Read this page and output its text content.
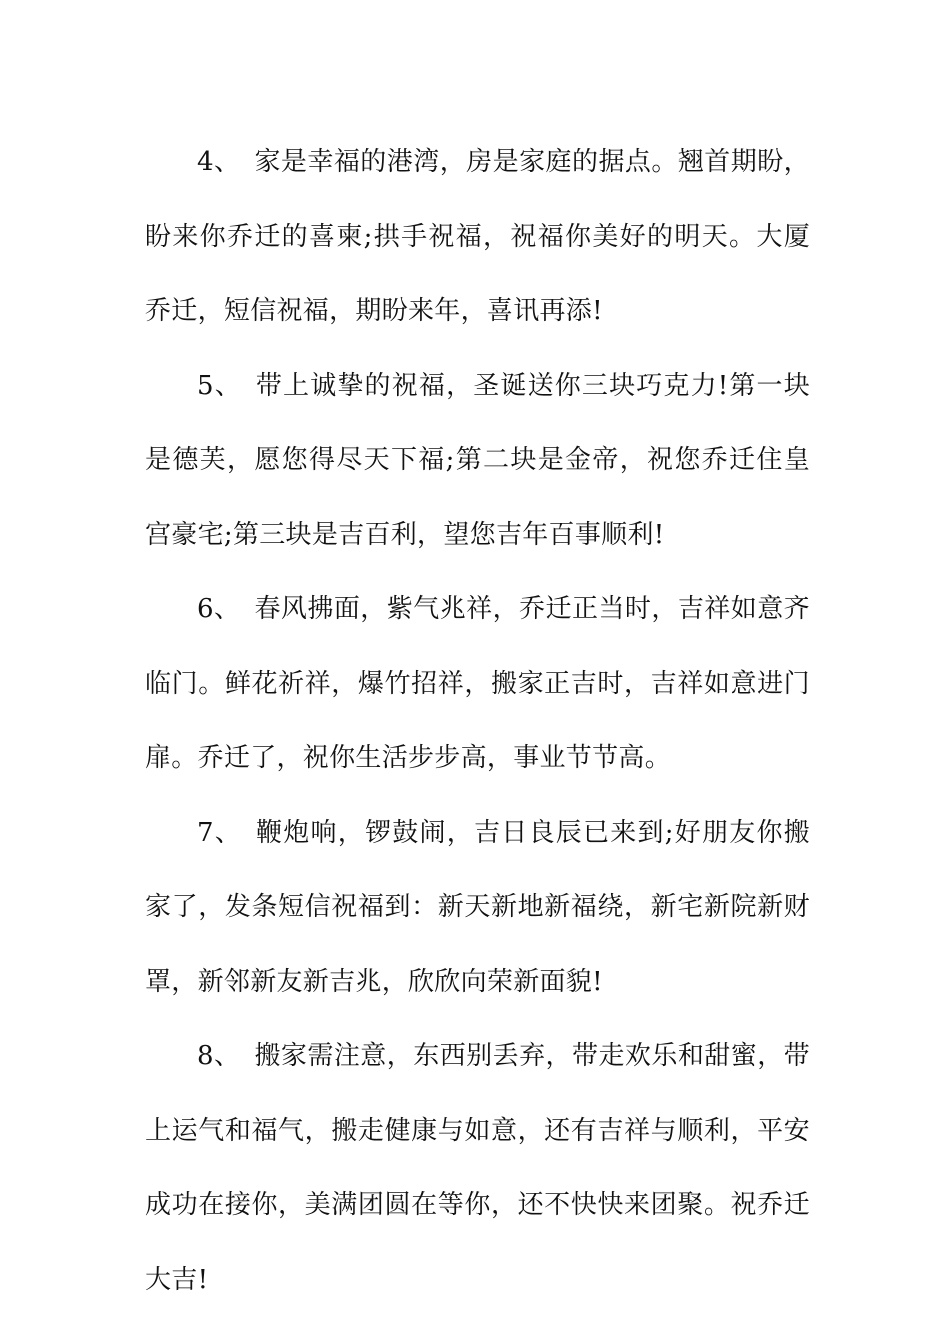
4、 家是幸福的港湾，房是家庭的据点。翘首期盼，盼来你乔迁的喜柬;拱手祝福，祝福你美好的明天。大厦乔迁，短信祝福，期盼来年，喜讯再添!

5、 带上诚挚的祝福，圣诞送你三块巧克力!第一块是德芙，愿您得尽天下福;第二块是金帝，祝您乔迁住皇宫豪宅;第三块是吉百利，望您吉年百事顺利!

6、 春风拂面，紫气兆祥，乔迁正当时，吉祥如意齐临门。鲜花祈祥，爆竹招祥，搬家正吉时，吉祥如意进门扉。乔迁了，祝你生活步步高，事业节节高。

7、 鞭炮响，锣鼓闹，吉日良辰已来到;好朋友你搬家了，发条短信祝福到：新天新地新福绕，新宅新院新财罩，新邻新友新吉兆，欣欣向荣新面貌!

8、 搬家需注意，东西别丢弃，带走欢乐和甜蜜，带上运气和福气，搬走健康与如意，还有吉祥与顺利，平安成功在接你，美满团圆在等你，还不快快来团聚。祝乔迁大吉!
